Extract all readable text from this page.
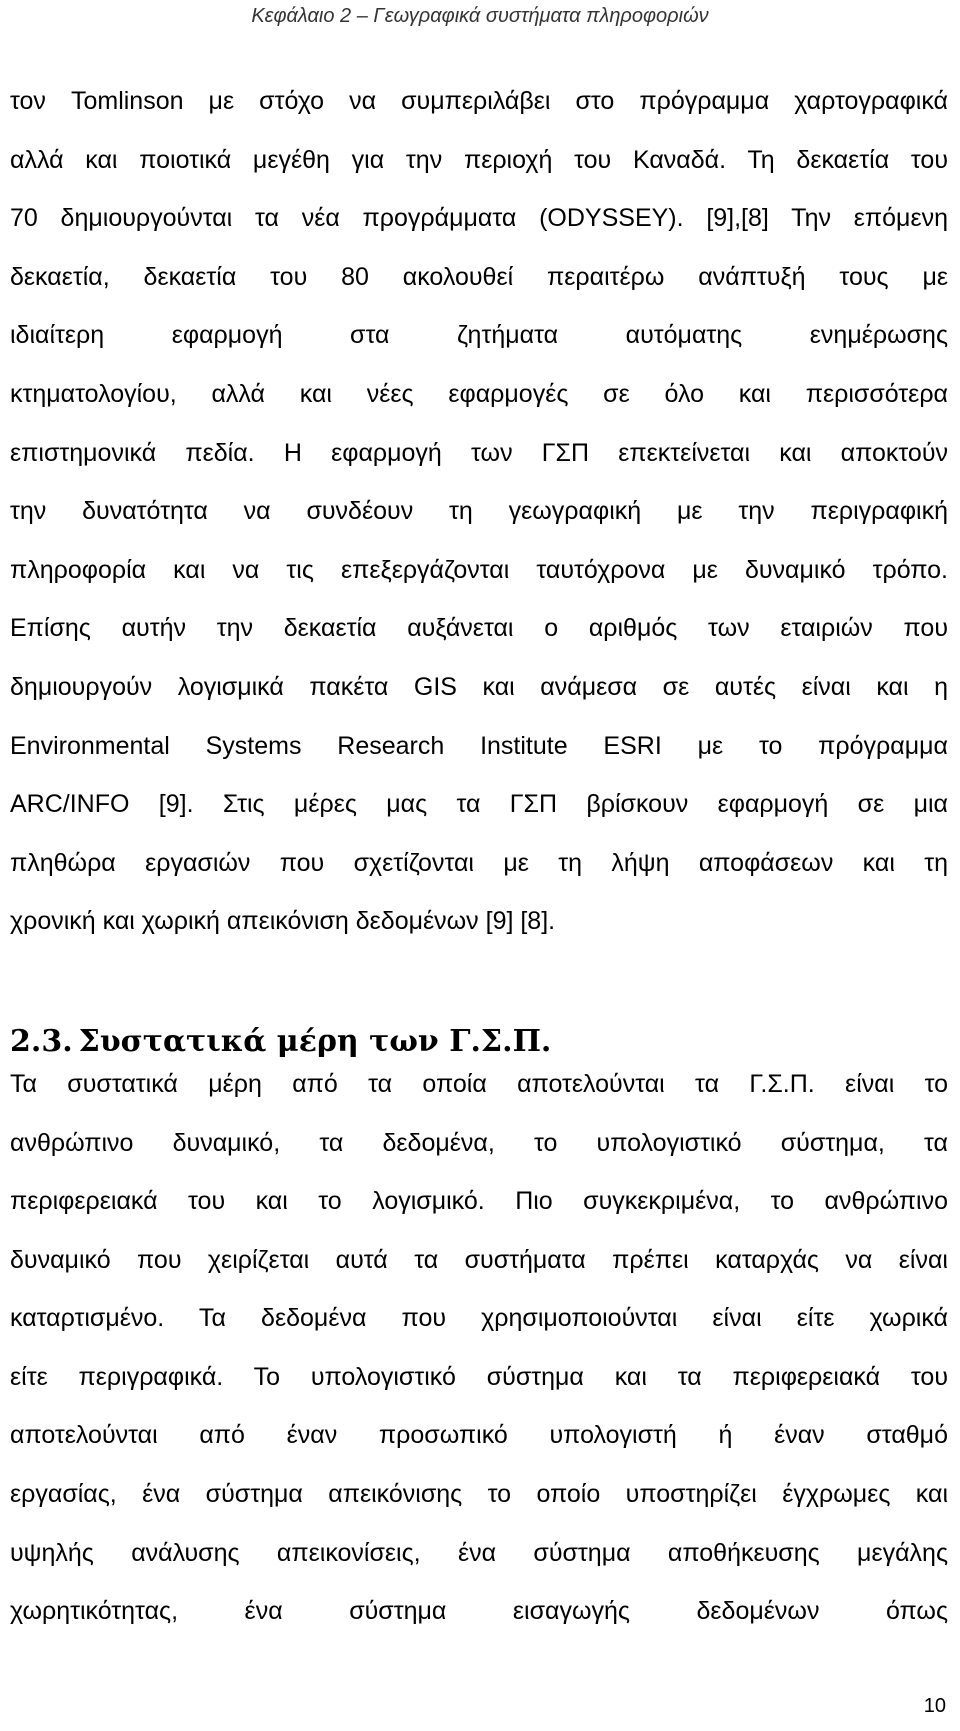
Κεφάλαιο 2 – Γεωγραφικά συστήματα πληροφοριών

τον Tomlinson με στόχο να συμπεριλάβει στο πρόγραμμα χαρτογραφικά
αλλά και ποιοτικά μεγέθη για την περιοχή του Καναδά. Τη δεκαετία του
70 δημιουργούνται τα νέα προγράμματα (ODYSSEY). [9],[8] Την επόμενη
δεκαετία, δεκαετία του 80 ακολουθεί περαιτέρω ανάπτυξή τους με
ιδιαίτερη εφαρμογή στα ζητήματα αυτόματης ενημέρωσης
κτηματολογίου, αλλά και νέες εφαρμογές σε όλο και περισσότερα
επιστημονικά πεδία. Η εφαρμογή των ΓΣΠ επεκτείνεται και αποκτούν
την δυνατότητα να συνδέουν τη γεωγραφική με την περιγραφική
πληροφορία και να τις επεξεργάζονται ταυτόχρονα με δυναμικό τρόπο.
Επίσης αυτήν την δεκαετία αυξάνεται ο αριθμός των εταιριών που
δημιουργούν λογισμικά πακέτα GIS και ανάμεσα σε αυτές είναι και η
Environmental Systems Research Institute ESRI με το πρόγραμμα
ARC/INFO [9]. Στις μέρες μας τα ΓΣΠ βρίσκουν εφαρμογή σε μια
πληθώρα εργασιών που σχετίζονται με τη λήψη αποφάσεων και τη
χρονική και χωρική απεικόνιση δεδομένων [9] [8].

2.3. Συστατικά μέρη των Γ.Σ.Π.

Τα συστατικά μέρη από τα οποία αποτελούνται τα Γ.Σ.Π. είναι το
ανθρώπινο δυναμικό, τα δεδομένα, το υπολογιστικό σύστημα, τα
περιφερειακά του και το λογισμικό. Πιο συγκεκριμένα, το ανθρώπινο
δυναμικό που χειρίζεται αυτά τα συστήματα πρέπει καταρχάς να είναι
καταρτισμένο. Τα δεδομένα που χρησιμοποιούνται είναι είτε χωρικά
είτε περιγραφικά. Το υπολογιστικό σύστημα και τα περιφερειακά του
αποτελούνται από έναν προσωπικό υπολογιστή ή έναν σταθμό
εργασίας, ένα σύστημα απεικόνισης το οποίο υποστηρίζει έγχρωμες και
υψηλής ανάλυσης απεικονίσεις, ένα σύστημα αποθήκευσης μεγάλης
χωρητικότητας, ένα σύστημα εισαγωγής δεδομένων όπως

10
